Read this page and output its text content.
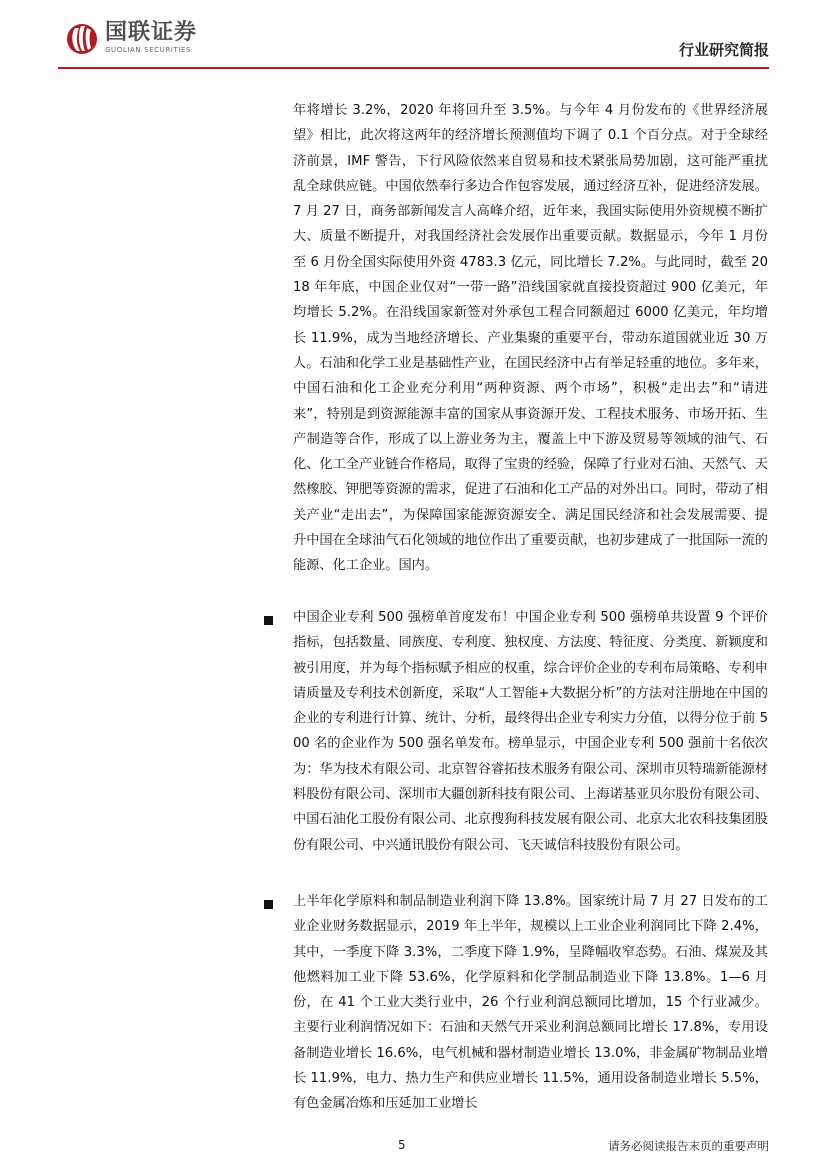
国联证券
GUOLIAN SECURITIES	行业研究简报

年将增长 3.2%，2020 年将回升至 3.5%。与今年 4 月份发布的《世界经济展望》相比，此次将这两年的经济增长预测值均下调了 0.1 个百分点。对于全球经济前景，IMF 警告，下行风险依然来自贸易和技术紧张局势加剧，这可能严重扰乱全球供应链。中国依然奉行多边合作包容发展，通过经济互补，促进经济发展。7 月 27 日，商务部新闻发言人高峰介绍，近年来，我国实际使用外资规模不断扩大、质量不断提升，对我国经济社会发展作出重要贡献。数据显示，今年 1 月份至 6 月份全国实际使用外资 4783.3 亿元，同比增长 7.2%。与此同时，截至 2018 年年底，中国企业仅对“一带一路”沿线国家就直接投资超过 900 亿美元，年均增长 5.2%。在沿线国家新签对外承包工程合同额超过 6000 亿美元，年均增长 11.9%，成为当地经济增长、产业集聚的重要平台，带动东道国就业近 30 万人。石油和化学工业是基础性产业，在国民经济中占有举足轻重的地位。多年来，中国石油和化工企业充分利用“两种资源、两个市场”，积极“走出去”和“请进来”，特别是到资源能源丰富的国家从事资源开发、工程技术服务、市场开拓、生产制造等合作，形成了以上游业务为主，覆盖上中下游及贸易等领域的油气、石化、化工全产业链合作格局，取得了宝贵的经验，保障了行业对石油、天然气、天然橡胶、钾肥等资源的需求，促进了石油和化工产品的对外出口。同时，带动了相关产业“走出去”，为保障国家能源资源安全、满足国民经济和社会发展需要、提升中国在全球油气石化领域的地位作出了重要贡献，也初步建成了一批国际一流的能源、化工企业。国内。

中国企业专利 500 强榜单首度发布！中国企业专利 500 强榜单共设置 9 个评价指标，包括数量、同族度、专利度、独权度、方法度、特征度、分类度、新颖度和被引用度，并为每个指标赋予相应的权重，综合评价企业的专利布局策略、专利申请质量及专利技术创新度，采取“人工智能+大数据分析”的方法对注册地在中国的企业的专利进行计算、统计、分析，最终得出企业专利实力分值，以得分位于前 500 名的企业作为 500 强名单发布。榜单显示，中国企业专利 500 强前十名依次为：华为技术有限公司、北京智谷睿拓技术服务有限公司、深圳市贝特瑞新能源材料股份有限公司、深圳市大疆创新科技有限公司、上海诺基亚贝尔股份有限公司、中国石油化工股份有限公司、北京搜狗科技发展有限公司、北京大北农科技集团股份有限公司、中兴通讯股份有限公司、飞天诚信科技股份有限公司。

上半年化学原料和制品制造业利润下降 13.8%。国家统计局 7 月 27 日发布的工业企业财务数据显示，2019 年上半年，规模以上工业企业利润同比下降 2.4%，其中，一季度下降 3.3%，二季度下降 1.9%，呈降幅收窄态势。石油、煤炭及其他燃料加工业下降 53.6%，化学原料和化学制品制造业下降 13.8%。1—6 月份，在 41 个工业大类行业中，26 个行业利润总额同比增加，15 个行业减少。主要行业利润情况如下：石油和天然气开采业利润总额同比增长 17.8%，专用设备制造业增长 16.6%，电气机械和器材制造业增长 13.0%，非金属矿物制品业增长 11.9%，电力、热力生产和供应业增长 11.5%，通用设备制造业增长 5.5%，有色金属冶炼和压延加工业增长

5	请务必阅读报告末页的重要声明
